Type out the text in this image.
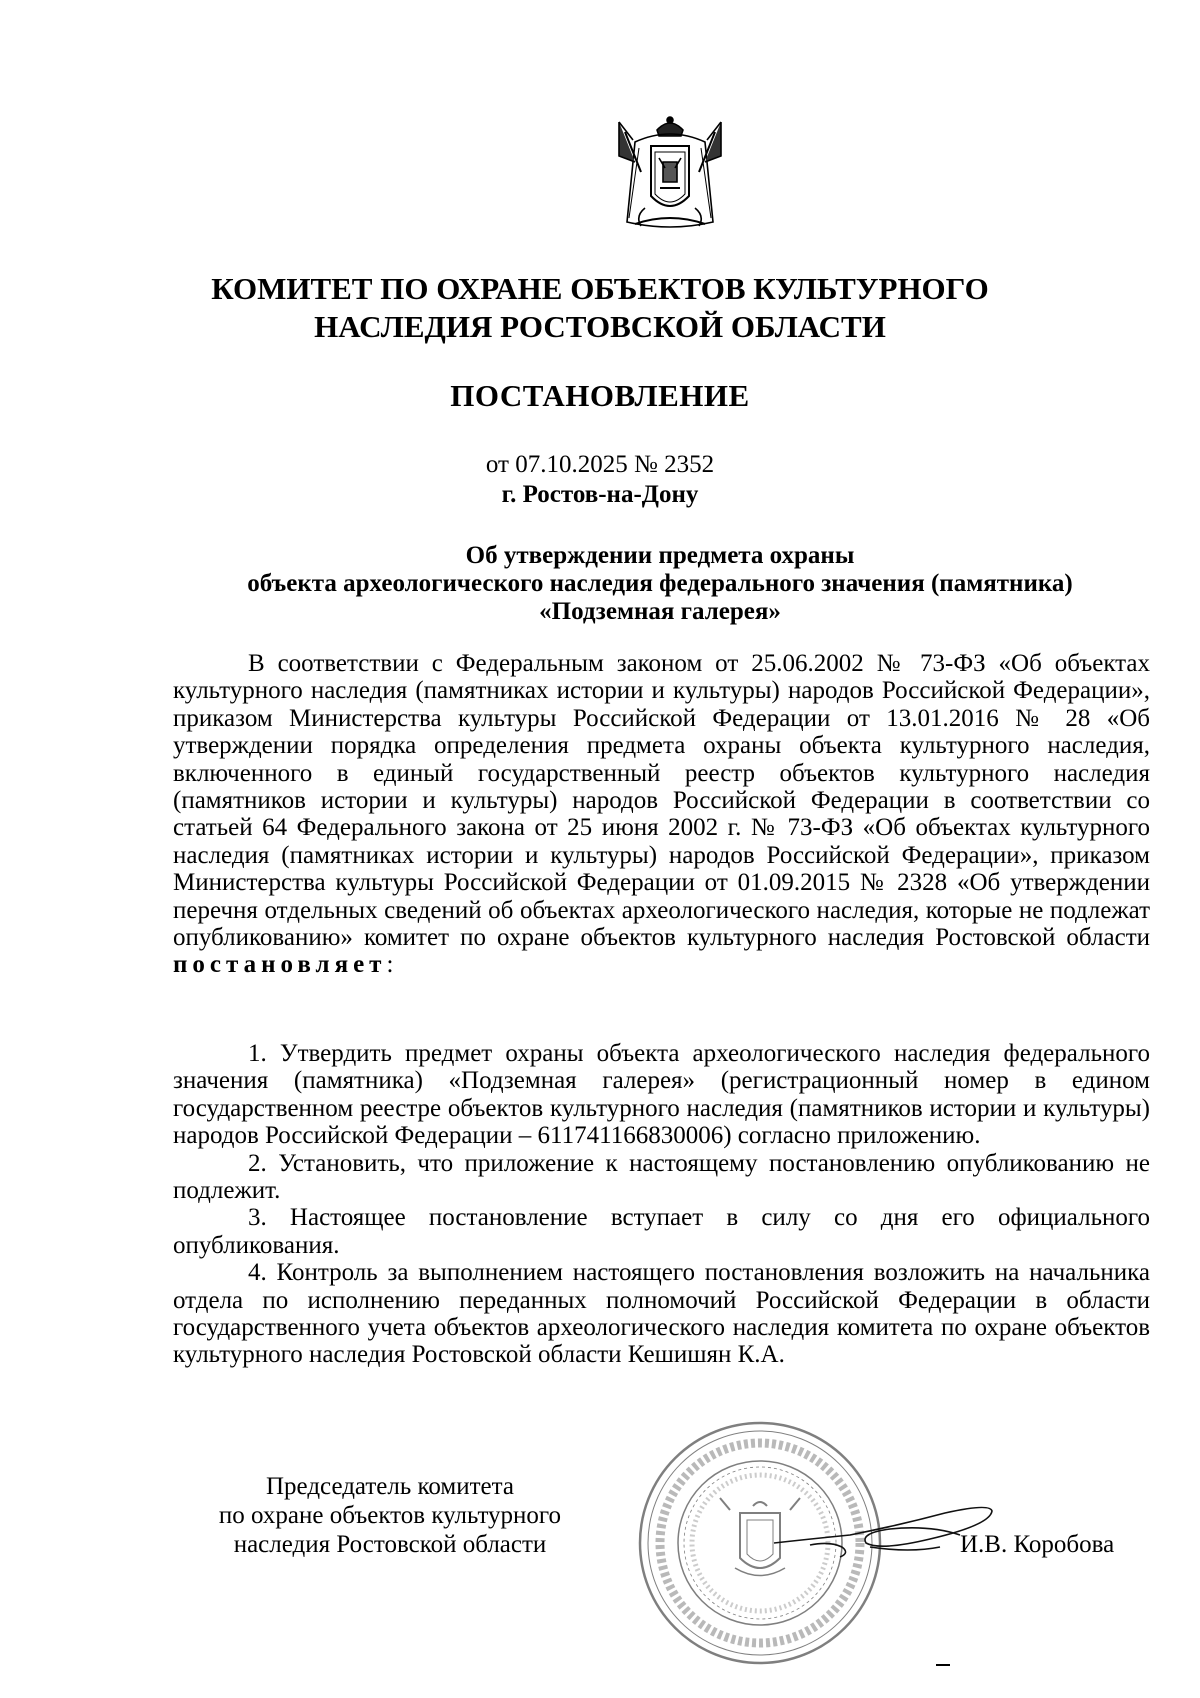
КОМИТЕТ ПО ОХРАНЕ ОБЪЕКТОВ КУЛЬТУРНОГО
НАСЛЕДИЯ РОСТОВСКОЙ ОБЛАСТИ
ПОСТАНОВЛЕНИЕ
от 07.10.2025 № 2352
г. Ростов-на-Дону
Об утверждении предмета охраны
объекта археологического наследия федерального значения (памятника)
«Подземная галерея»

В соответствии с Федеральным законом от 25.06.2002 № 73-ФЗ «Об объектах культурного наследия (памятниках истории и культуры) народов Российской Федерации», приказом Министерства культуры Российской Федерации от 13.01.2016 № 28 «Об утверждении порядка определения предмета охраны объекта культурного наследия, включенного в единый государственный реестр объектов культурного наследия (памятников истории и культуры) народов Российской Федерации в соответствии со статьей 64 Федерального закона от 25 июня 2002 г. № 73-ФЗ «Об объектах культурного наследия (памятниках истории и культуры) народов Российской Федерации», приказом Министерства культуры Российской Федерации от 01.09.2015 № 2328 «Об утверждении перечня отдельных сведений об объектах археологического наследия, которые не подлежат опубликованию» комитет по охране объектов культурного наследия Ростовской области постановляет:

1. Утвердить предмет охраны объекта археологического наследия федерального значения (памятника) «Подземная галерея» (регистрационный номер в едином государственном реестре объектов культурного наследия (памятников истории и культуры) народов Российской Федерации – 611741166830006) согласно приложению.

2. Установить, что приложение к настоящему постановлению опубликованию не подлежит.

3. Настоящее постановление вступает в силу со дня его официального опубликования.

4. Контроль за выполнением настоящего постановления возложить на начальника отдела по исполнению переданных полномочий Российской Федерации в области государственного учета объектов археологического наследия комитета по охране объектов культурного наследия Ростовской области Кешишян К.А.

Председатель комитета
по охране объектов культурного
наследия Ростовской области	И.В. Коробова
